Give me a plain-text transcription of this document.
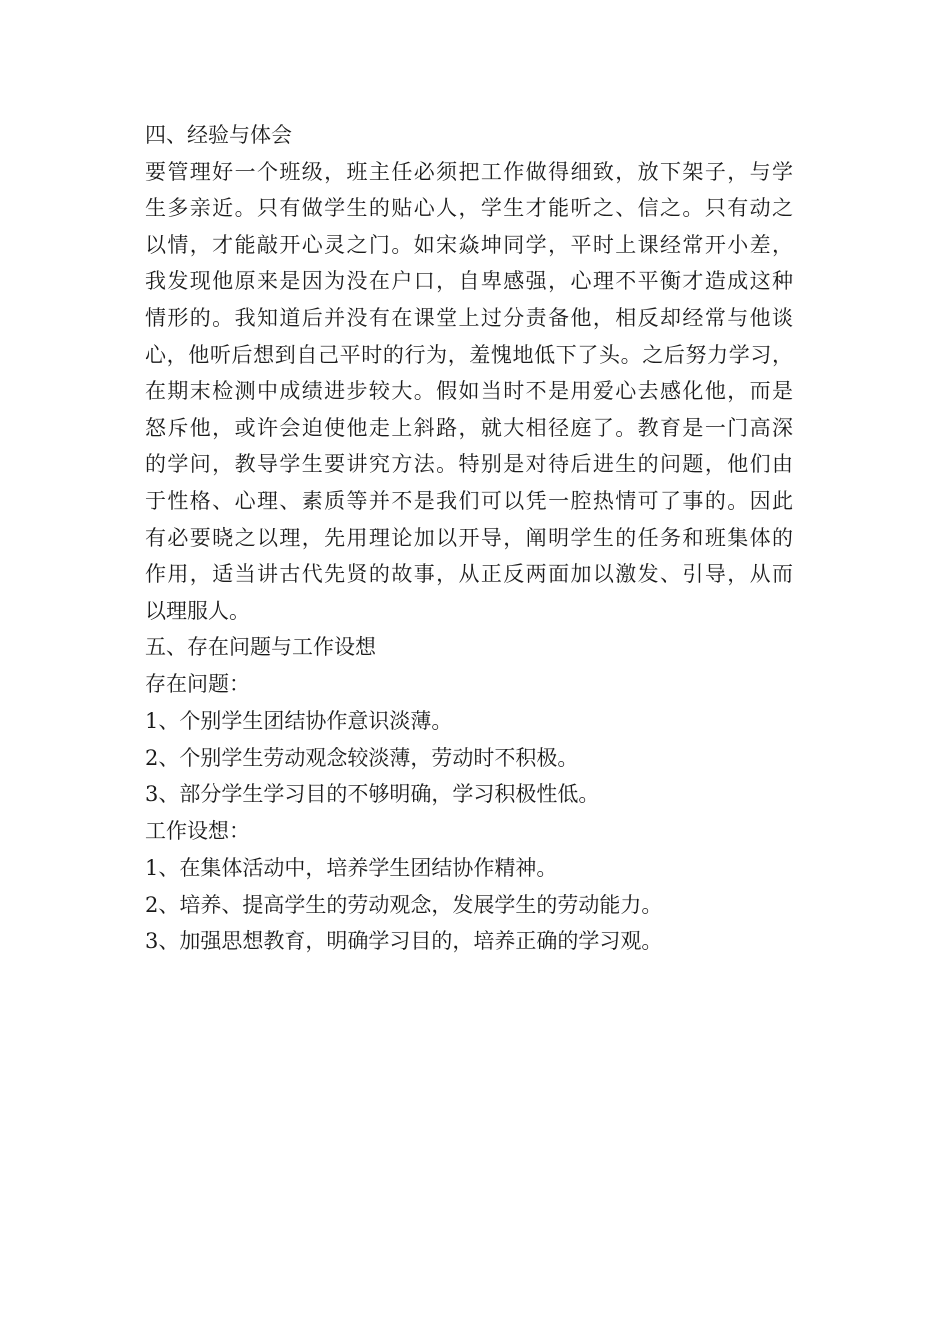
四、经验与体会
要管理好一个班级，班主任必须把工作做得细致，放下架子，与学
生多亲近。只有做学生的贴心人，学生才能听之、信之。只有动之
以情，才能敲开心灵之门。如宋焱坤同学，平时上课经常开小差，
我发现他原来是因为没在户口，自卑感强，心理不平衡才造成这种
情形的。我知道后并没有在课堂上过分责备他，相反却经常与他谈
心，他听后想到自己平时的行为，羞愧地低下了头。之后努力学习，
在期末检测中成绩进步较大。假如当时不是用爱心去感化他，而是
怒斥他，或许会迫使他走上斜路，就大相径庭了。教育是一门高深
的学问，教导学生要讲究方法。特别是对待后进生的问题，他们由
于性格、心理、素质等并不是我们可以凭一腔热情可了事的。因此
有必要晓之以理，先用理论加以开导，阐明学生的任务和班集体的
作用，适当讲古代先贤的故事，从正反两面加以激发、引导，从而
以理服人。
五、存在问题与工作设想
存在问题：
1、个别学生团结协作意识淡薄。
2、个别学生劳动观念较淡薄，劳动时不积极。
3、部分学生学习目的不够明确，学习积极性低。
工作设想：
1、在集体活动中，培养学生团结协作精神。
2、培养、提高学生的劳动观念，发展学生的劳动能力。
3、加强思想教育，明确学习目的，培养正确的学习观。
